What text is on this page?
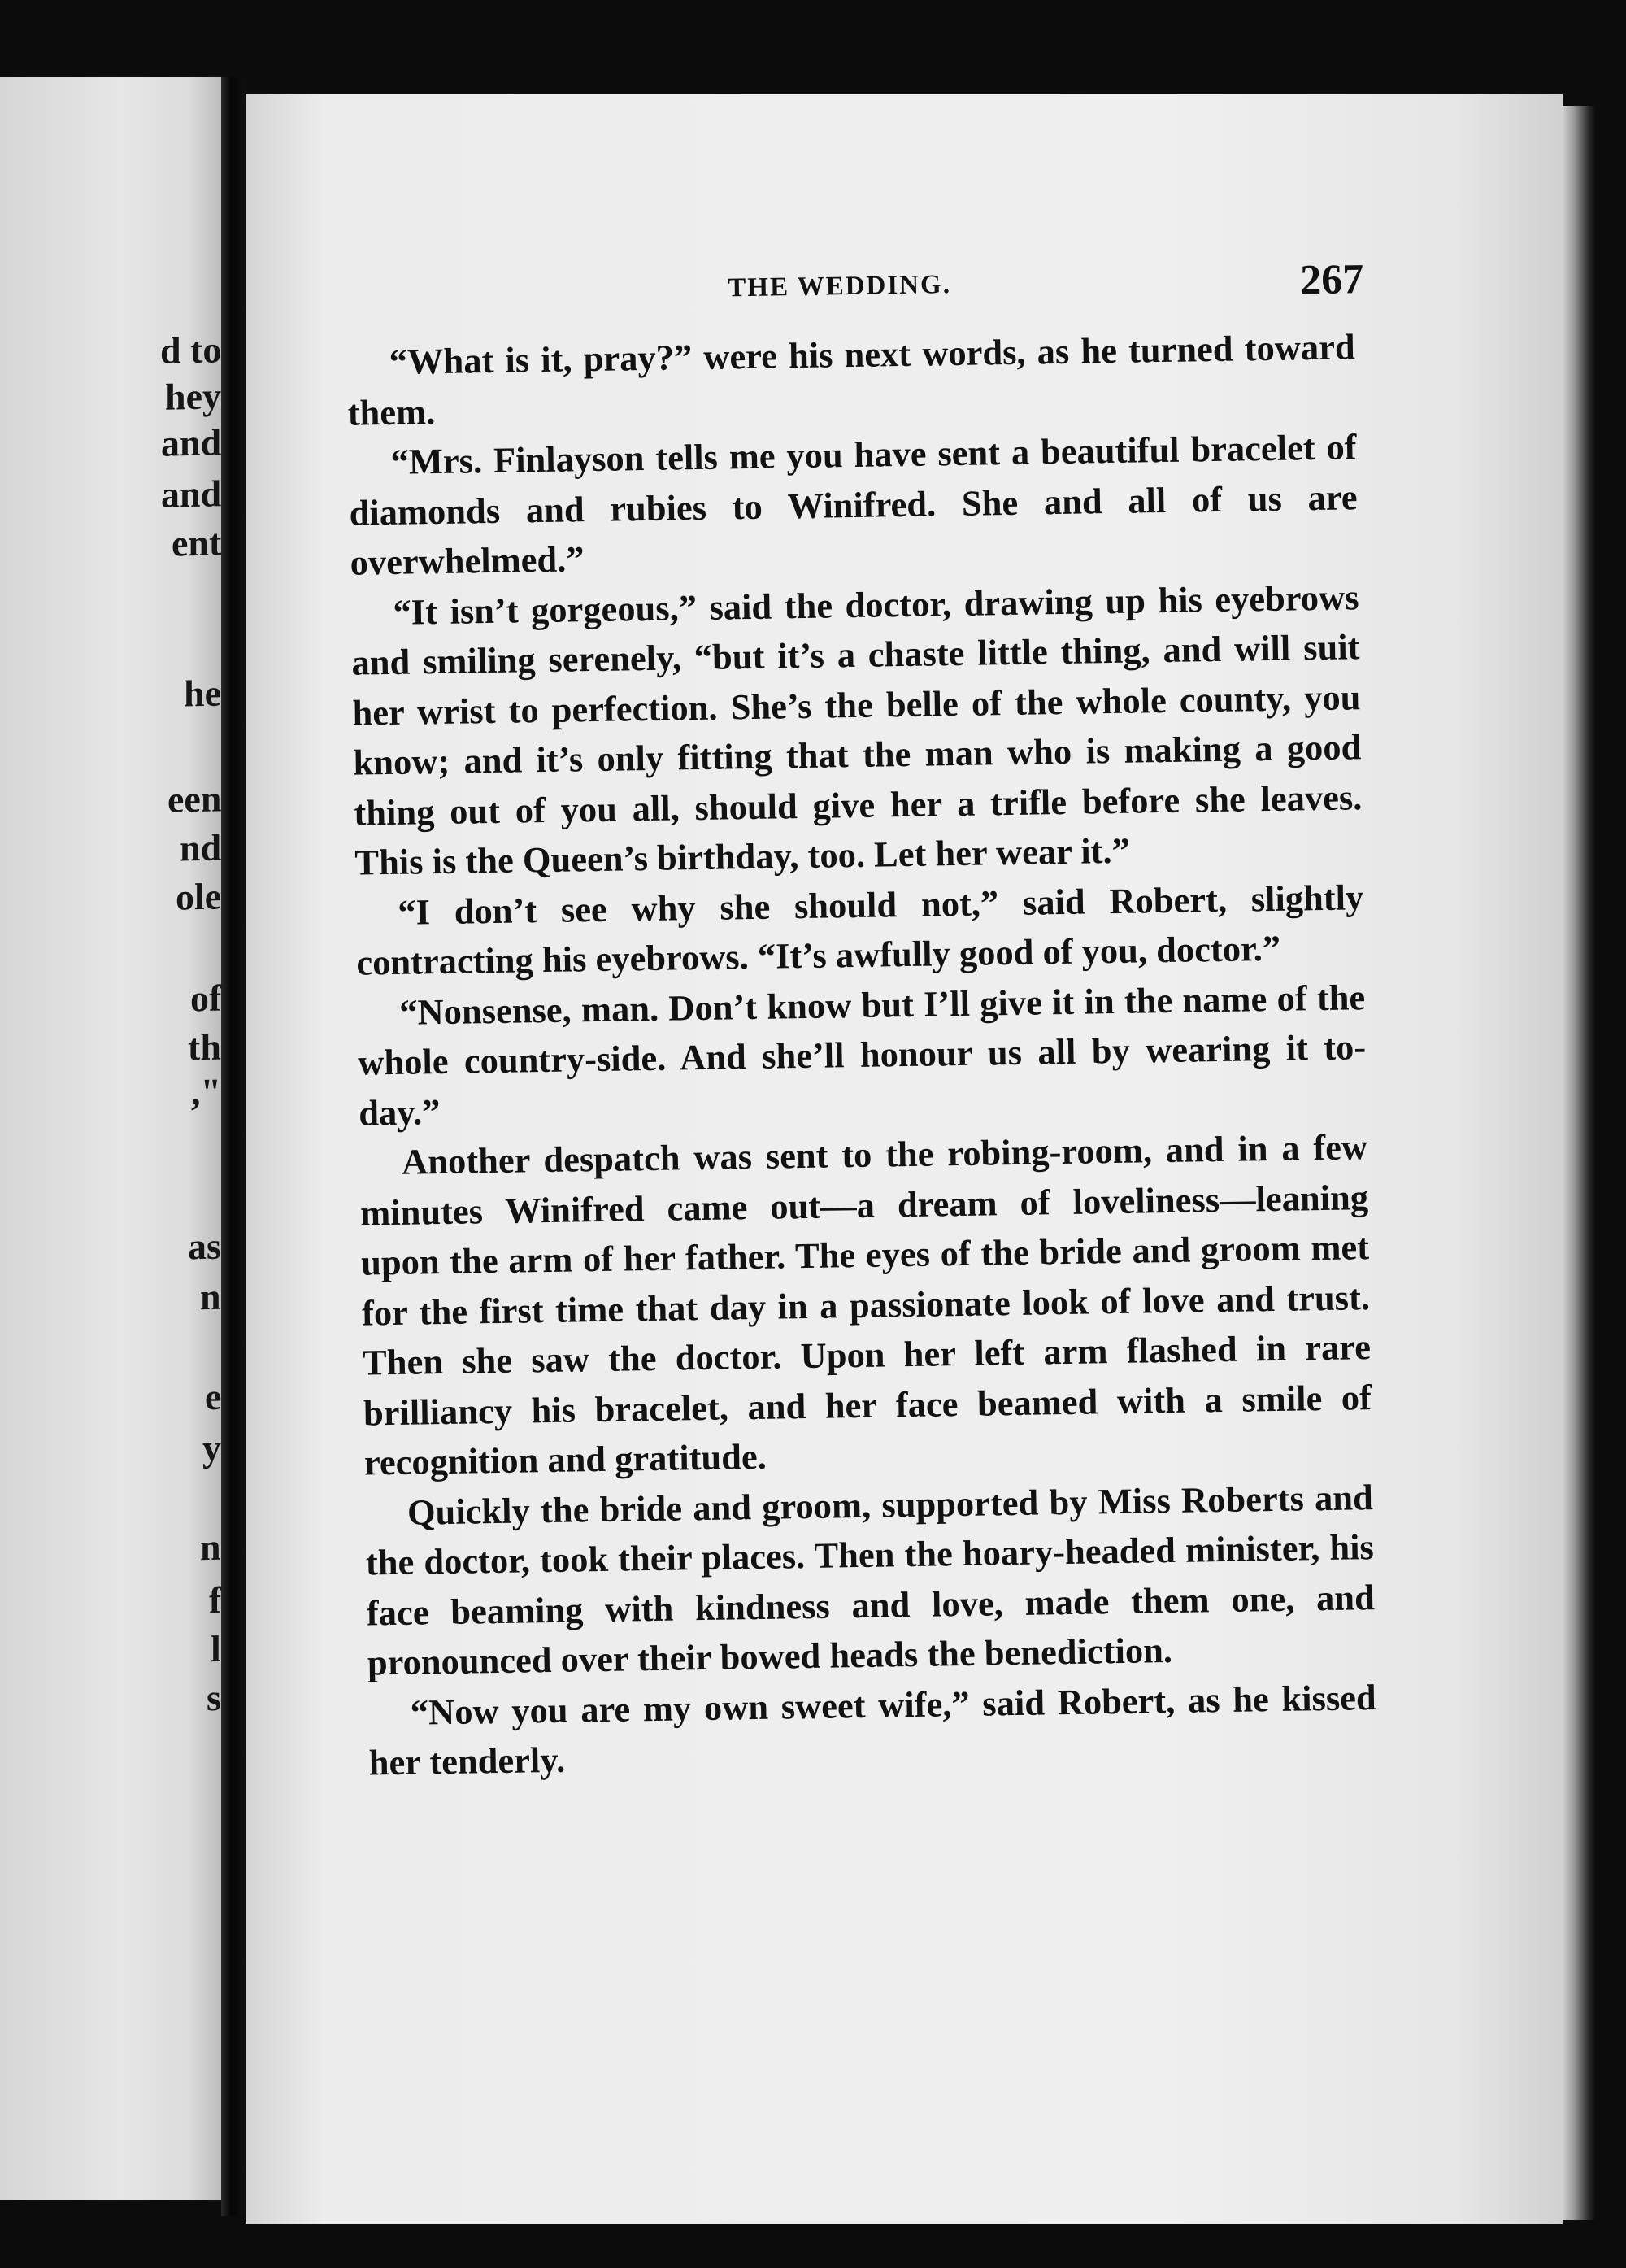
d to
hey
and
and
ent
he
een
nd
ole
of
th
,"
as
n
e
y
n
f
l
s
THE WEDDING.	267

“What is it, pray?” were his next words, as he turned toward them.

“Mrs. Finlayson tells me you have sent a beautiful bracelet of diamonds and rubies to Winifred. She and all of us are overwhelmed.”

“It isn’t gorgeous,” said the doctor, drawing up his eyebrows and smiling serenely, “but it’s a chaste little thing, and will suit her wrist to perfection. She’s the belle of the whole county, you know; and it’s only fitting that the man who is making a good thing out of you all, should give her a trifle before she leaves. This is the Queen’s birthday, too. Let her wear it.”

“I don’t see why she should not,” said Robert, slightly contracting his eyebrows. “It’s awfully good of you, doctor.”

“Nonsense, man. Don’t know but I’ll give it in the name of the whole country-side. And she’ll honour us all by wearing it to-day.”

Another despatch was sent to the robing-room, and in a few minutes Winifred came out—a dream of loveliness—leaning upon the arm of her father. The eyes of the bride and groom met for the first time that day in a passionate look of love and trust. Then she saw the doctor. Upon her left arm flashed in rare brilliancy his bracelet, and her face beamed with a smile of recognition and gratitude.

Quickly the bride and groom, supported by Miss Roberts and the doctor, took their places. Then the hoary-headed minister, his face beaming with kindness and love, made them one, and pronounced over their bowed heads the benediction.

“Now you are my own sweet wife,” said Robert, as he kissed her tenderly.
